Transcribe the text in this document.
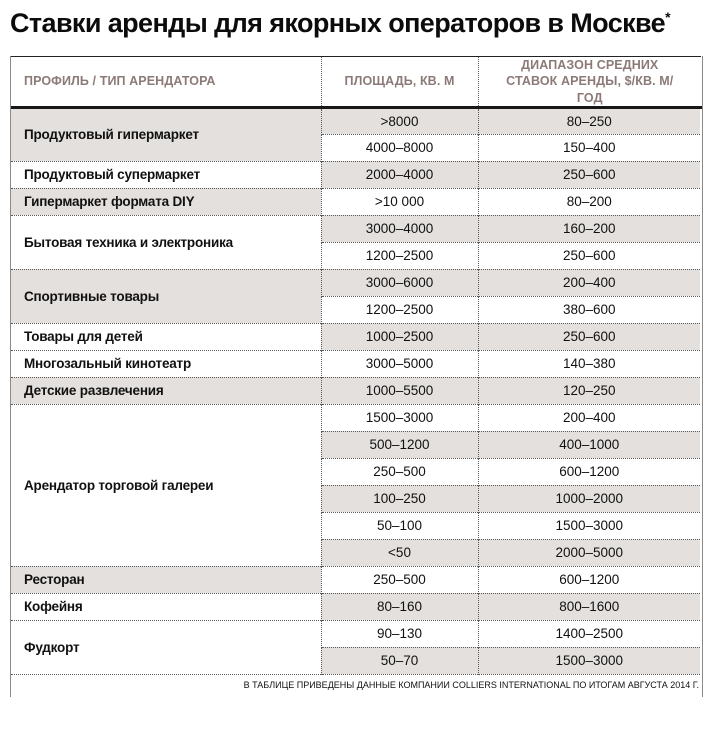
Ставки аренды для якорных операторов в Москве*
ПРОФИЛЬ / ТИП АРЕНДАТОРА	ПЛОЩАДЬ, КВ. М	ДИАПАЗОН СРЕДНИХ СТАВОК АРЕНДЫ, $/КВ. М/ГОД
Продуктовый гипермаркет	>8000	80–250
	4000–8000	150–400
Продуктовый супермаркет	2000–4000	250–600
Гипермаркет формата DIY	>10 000	80–200
Бытовая техника и электроника	3000–4000	160–200
	1200–2500	250–600
Спортивные товары	3000–6000	200–400
	1200–2500	380–600
Товары для детей	1000–2500	250–600
Многозальный кинотеатр	3000–5000	140–380
Детские развлечения	1000–5500	120–250
Арендатор торговой галереи	1500–3000	200–400
	500–1200	400–1000
	250–500	600–1200
	100–250	1000–2000
	50–100	1500–3000
	<50	2000–5000
Ресторан	250–500	600–1200
Кофейня	80–160	800–1600
Фудкорт	90–130	1400–2500
	50–70	1500–3000
В ТАБЛИЦЕ ПРИВЕДЕНЫ ДАННЫЕ КОМПАНИИ COLLIERS INTERNATIONAL ПО ИТОГАМ АВГУСТА 2014 Г.
